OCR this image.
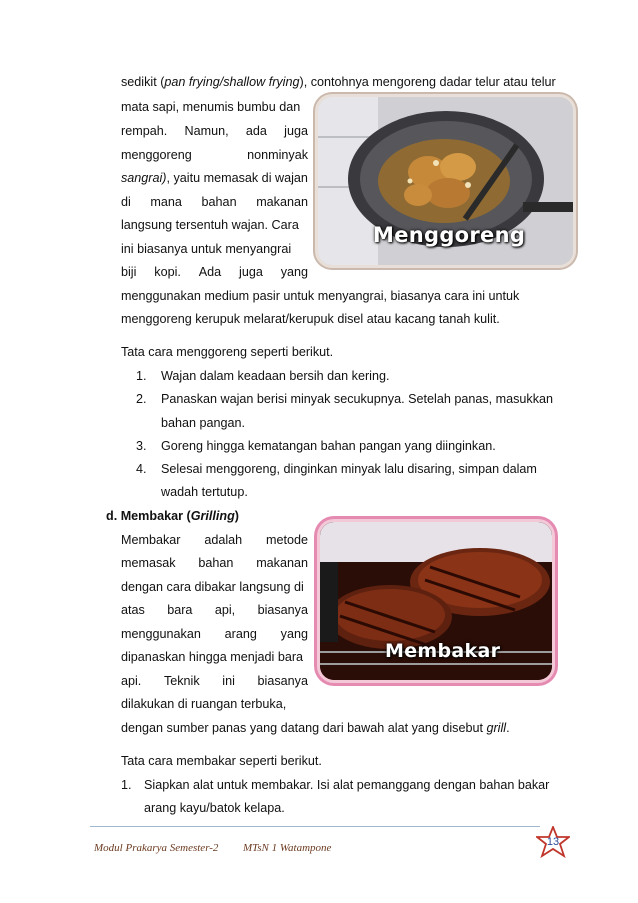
sedikit (pan frying/shallow frying), contohnya mengoreng dadar telur atau telur
mata sapi, menumis bumbu dan
rempah. Namun, ada juga
menggoreng	nonminyak
sangrai), yaitu memasak di wajan
di mana bahan makanan
langsung tersentuh wajan. Cara
ini biasanya untuk menyangrai
biji kopi. Ada juga yang
menggunakan medium pasir untuk menyangrai, biasanya cara ini untuk
menggoreng kerupuk melarat/kerupuk disel atau kacang tanah kulit.
Menggoreng
Tata cara menggoreng seperti berikut.
1. Wajan dalam keadaan bersih dan kering.
2. Panaskan wajan berisi minyak secukupnya. Setelah panas, masukkan
bahan pangan.
3. Goreng hingga kematangan bahan pangan yang diinginkan.
4. Selesai menggoreng, dinginkan minyak lalu disaring, simpan dalam
wadah tertutup.
d. Membakar (Grilling)
Membakar adalah metode
memasak bahan makanan
dengan cara dibakar langsung di
atas bara api, biasanya
menggunakan arang yang
dipanaskan hingga menjadi bara
api. Teknik ini biasanya
dilakukan di ruangan terbuka,
dengan sumber panas yang datang dari bawah alat yang disebut grill.
Membakar
Tata cara membakar seperti berikut.
1. Siapkan alat untuk membakar. Isi alat pemanggang dengan bahan bakar
arang kayu/batok kelapa.
Modul Prakarya Semester-2 MTsN 1 Watampone	13
